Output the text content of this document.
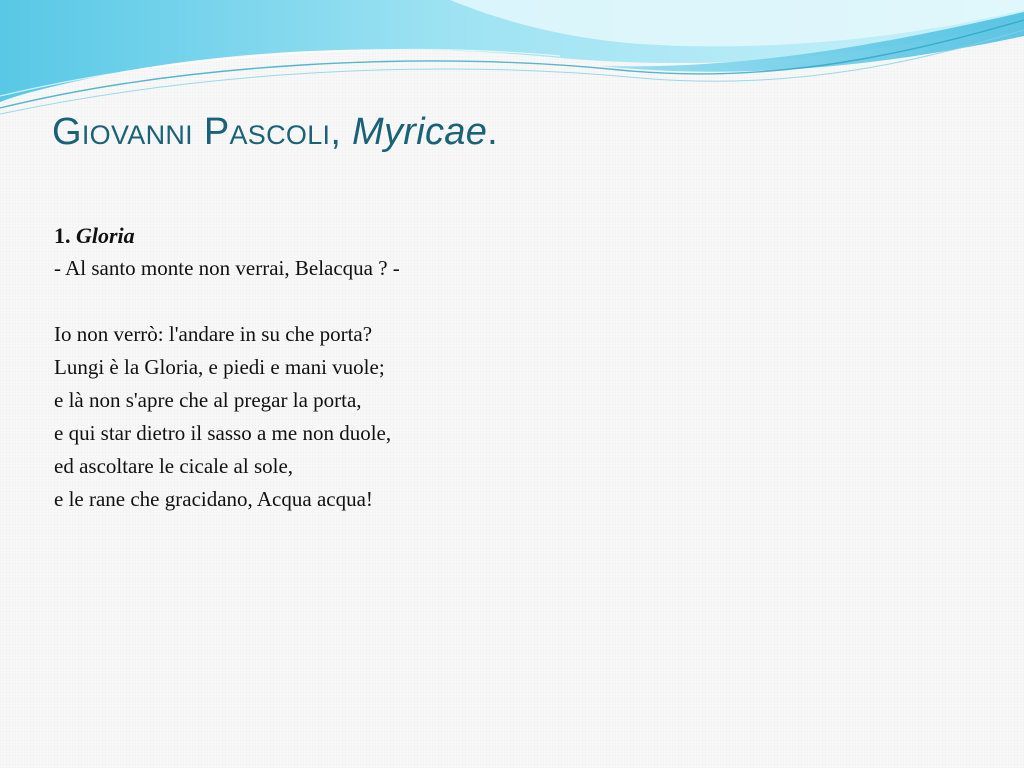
Giovanni Pascoli, Myricae.

1. Gloria

- Al santo monte non verrai, Belacqua ? -

Io non verrò: l'andare in su che porta?

Lungi è la Gloria, e piedi e mani vuole;

e là non s'apre che al pregar la porta,

e qui star dietro il sasso a me non duole,

ed ascoltare le cicale al sole,

e le rane che gracidano, Acqua acqua!
